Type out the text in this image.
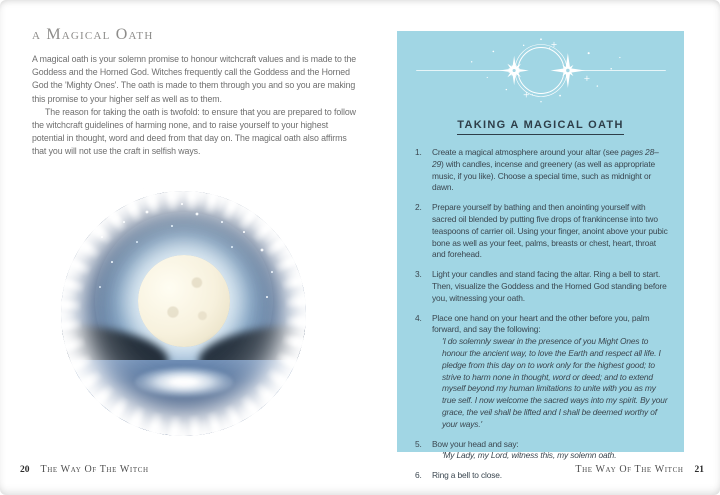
a Magical Oath

A magical oath is your solemn promise to honour witchcraft values and is made to the Goddess and the Horned God. Witches frequently call the Goddess and the Horned God the 'Mighty Ones'. The oath is made to them through you and so you are making this promise to your higher self as well as to them.

The reason for taking the oath is twofold: to ensure that you are prepared to follow the witchcraft guidelines of harming none, and to raise yourself to your highest potential in thought, word and deed from that day on. The magical oath also affirms that you will not use the craft in selfish ways.

20 The Way Of The Witch
TAKING A MAGICAL OATH
1.	Create a magical atmosphere around your altar (see pages 28–29) with candles, incense and greenery (as well as appropriate music, if you like). Choose a special time, such as midnight or dawn.
2.	Prepare yourself by bathing and then anointing yourself with sacred oil blended by putting five drops of frankincense into two teaspoons of carrier oil. Using your finger, anoint above your pubic bone as well as your feet, palms, breasts or chest, heart, throat and forehead.
3.	Light your candles and stand facing the altar. Ring a bell to start. Then, visualize the Goddess and the Horned God standing before you, witnessing your oath.
4.	Place one hand on your heart and the other before you, palm forward, and say the following:
'I do solemnly swear in the presence of you Might Ones to honour the ancient way, to love the Earth and respect all life. I pledge from this day on to work only for the highest good; to strive to harm none in thought, word or deed; and to extend myself beyond my human limitations to unite with you as my true self. I now welcome the sacred ways into my spirit. By your grace, the veil shall be lifted and I shall be deemed worthy of your ways.'
5.	Bow your head and say:
'My Lady, my Lord, witness this, my solemn oath.
6.	Ring a bell to close.
The Way Of The Witch 21
